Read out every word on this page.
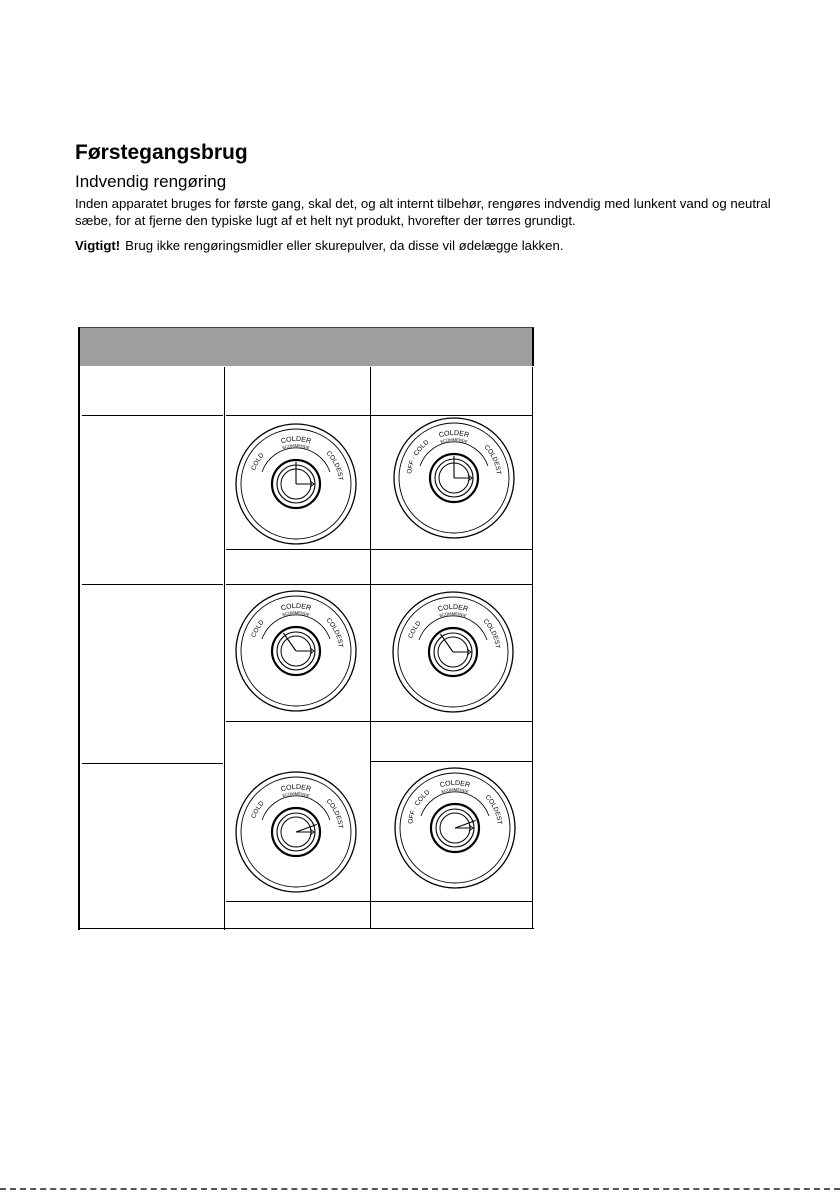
Førstegangsbrug
Indvendig rengøring

Inden apparatet bruges for første gang, skal det, og alt internt tilbehør, rengøres indvendig med lunkent vand og neutral sæbe, for at fjerne den typiske lugt af et helt nyt produkt, hvorefter der tørres grundigt.

Vigtigt! Brug ikke rengøringsmidler eller skurepulver, da disse vil ødelægge lakken.

COLDER
ECOMMENDE
COLD	COLDEST
COLDER
ECOMMENDE
OFF · COLD
COLDEST
COLDER
ECOMMENDE
COLD	COLDEST
COLDER
ECOMMENDE
COLD	COLDEST
COLDER
ECOMMENDE
COLD	COLDEST
COLDER
ECOMMENDE
OFF · COLD
COLDEST
